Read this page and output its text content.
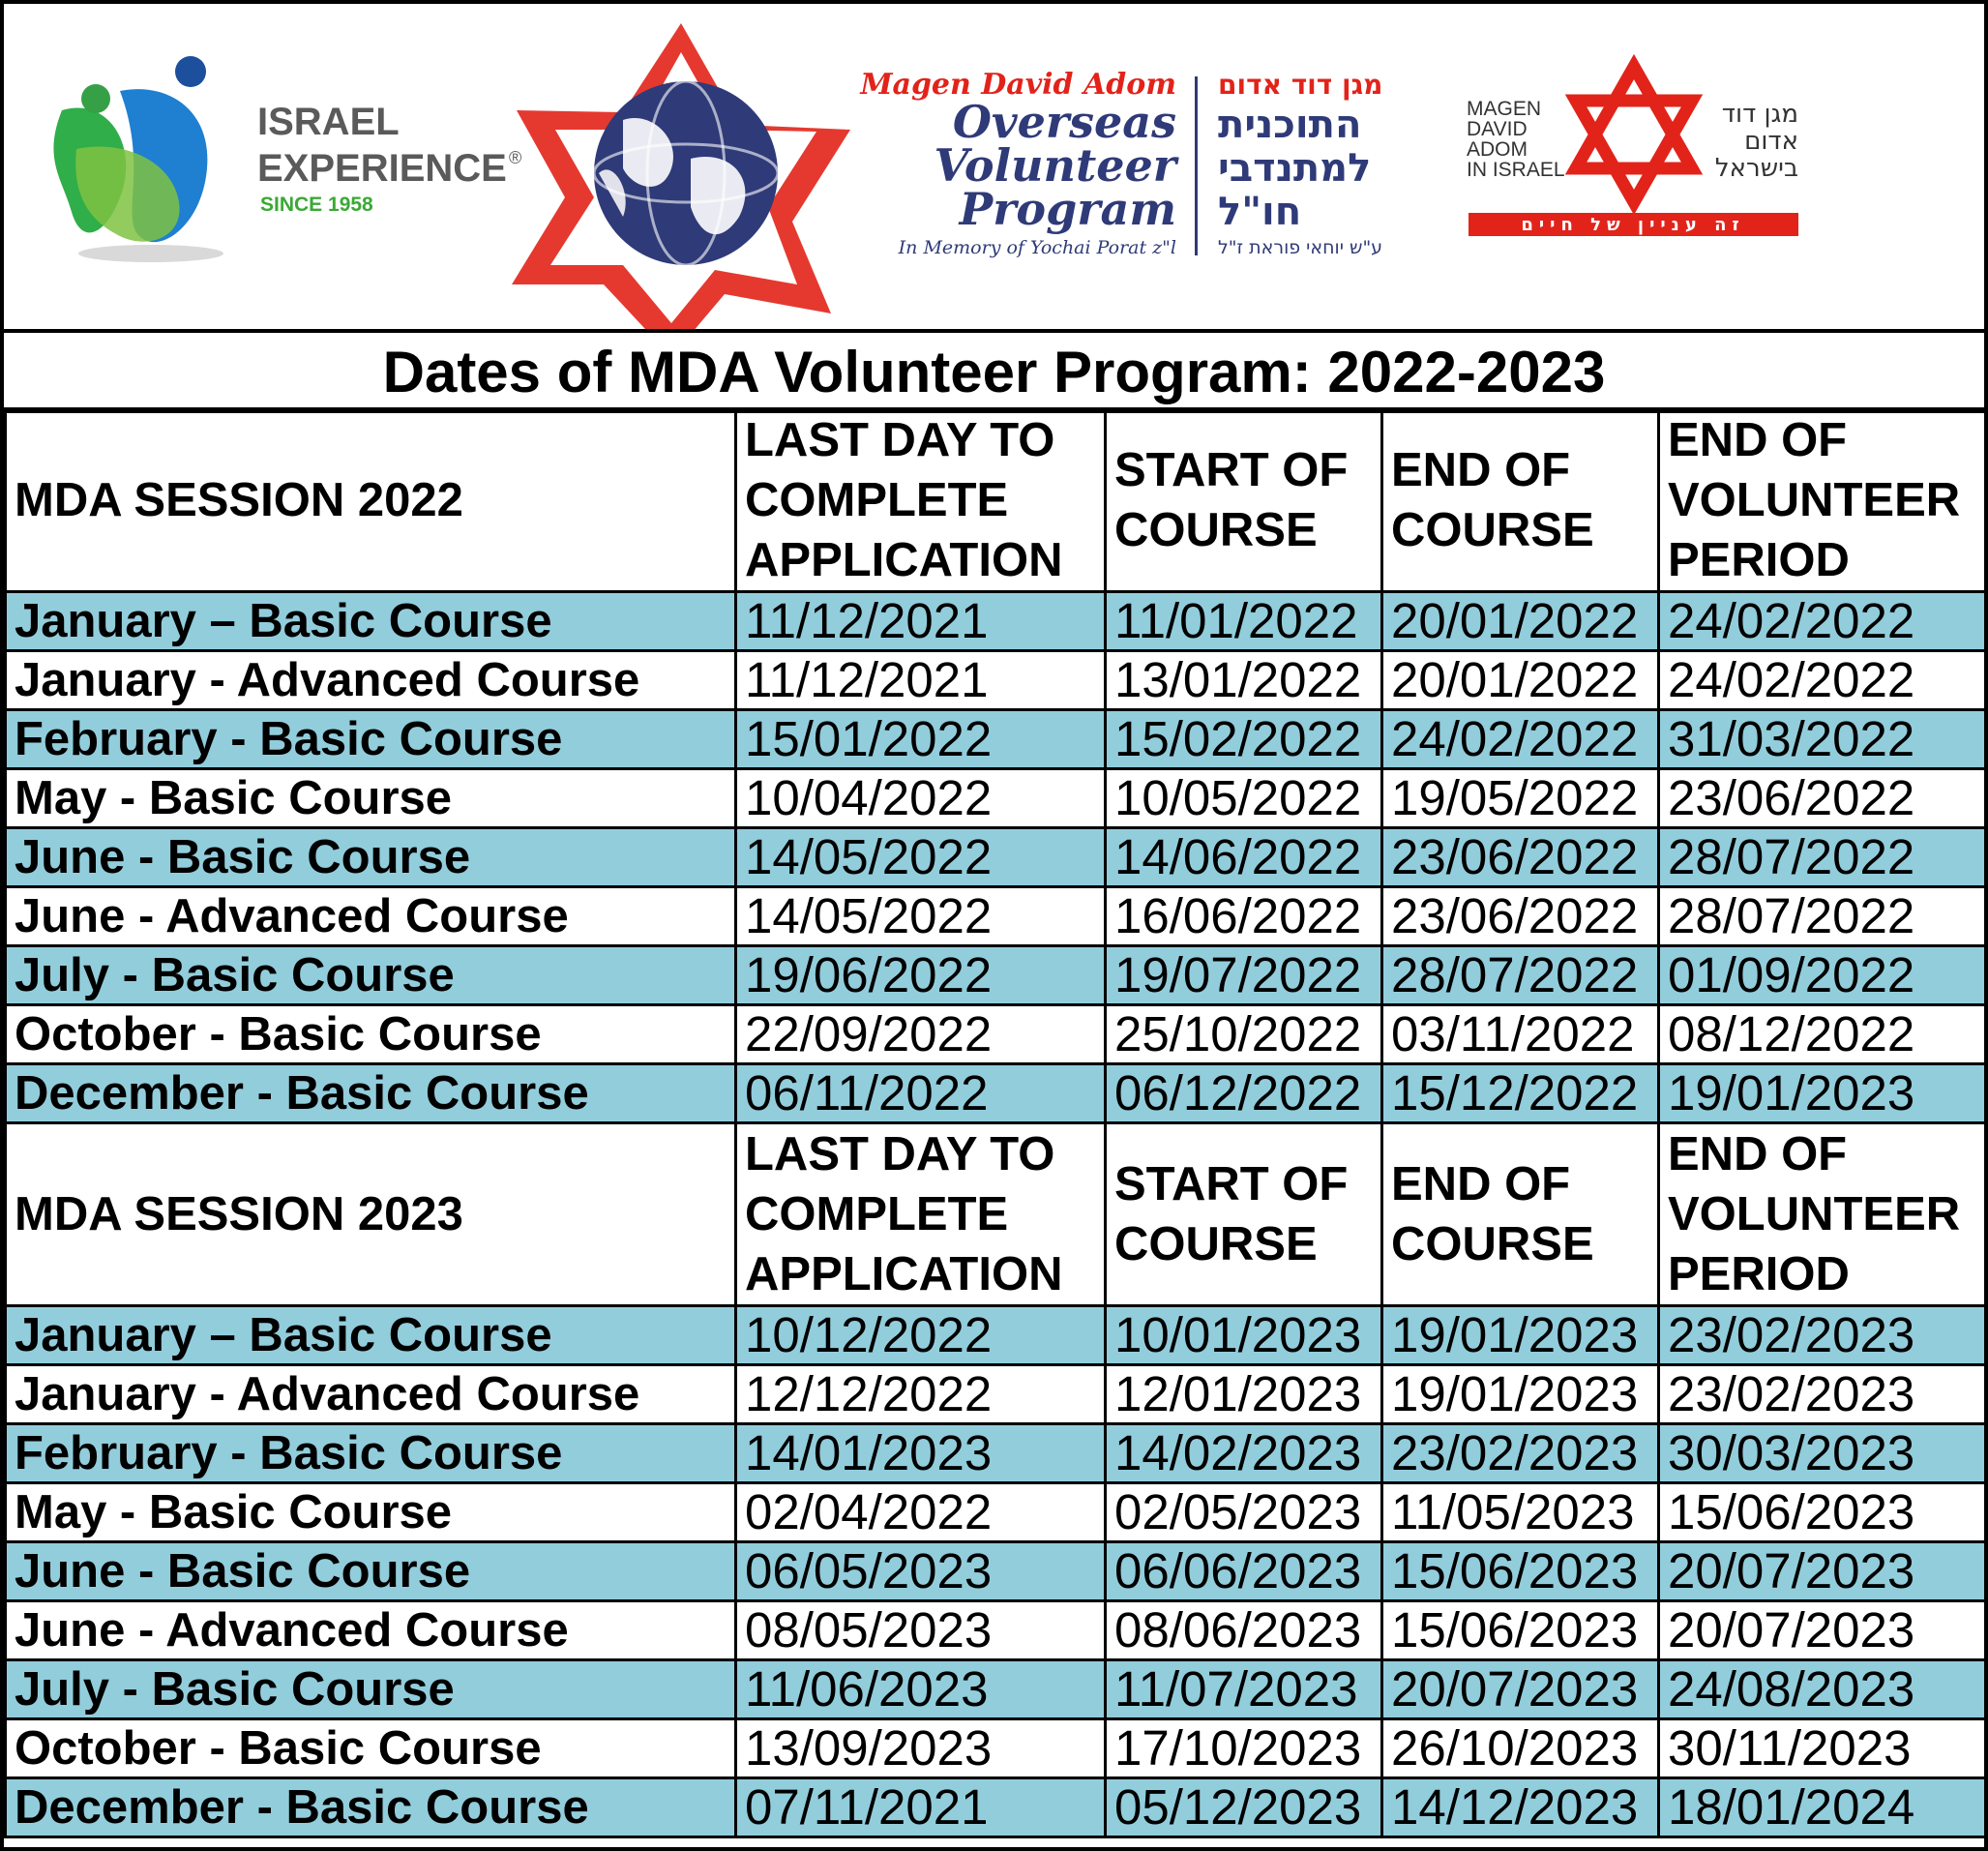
ISRAEL
EXPERIENCE ®
SINCE 1958
Magen David Adom
Overseas
Volunteer
Program
In Memory of Yochai Porat z"l
מגן דוד אדום
התוכנית
למתנדבי
חו"ל
ע"ש יוחאי פוראת ז"ל
MAGEN
DAVID
ADOM
IN ISRAEL
מגן דוד
אדום
בישראל
זה עניין של חיים
Dates of MDA Volunteer Program: 2022-2023
MDA SESSION 2022	LAST DAY TO COMPLETE APPLICATION	START OF COURSE	END OF COURSE	END OF VOLUNTEER PERIOD
January – Basic Course	11/12/2021	11/01/2022	20/01/2022	24/02/2022
January - Advanced Course	11/12/2021	13/01/2022	20/01/2022	24/02/2022
February - Basic Course	15/01/2022	15/02/2022	24/02/2022	31/03/2022
May - Basic Course	10/04/2022	10/05/2022	19/05/2022	23/06/2022
June - Basic Course	14/05/2022	14/06/2022	23/06/2022	28/07/2022
June - Advanced Course	14/05/2022	16/06/2022	23/06/2022	28/07/2022
July - Basic Course	19/06/2022	19/07/2022	28/07/2022	01/09/2022
October - Basic Course	22/09/2022	25/10/2022	03/11/2022	08/12/2022
December - Basic Course	06/11/2022	06/12/2022	15/12/2022	19/01/2023
MDA SESSION 2023	LAST DAY TO COMPLETE APPLICATION	START OF COURSE	END OF COURSE	END OF VOLUNTEER PERIOD
January – Basic Course	10/12/2022	10/01/2023	19/01/2023	23/02/2023
January - Advanced Course	12/12/2022	12/01/2023	19/01/2023	23/02/2023
February - Basic Course	14/01/2023	14/02/2023	23/02/2023	30/03/2023
May - Basic Course	02/04/2022	02/05/2023	11/05/2023	15/06/2023
June - Basic Course	06/05/2023	06/06/2023	15/06/2023	20/07/2023
June - Advanced Course	08/05/2023	08/06/2023	15/06/2023	20/07/2023
July - Basic Course	11/06/2023	11/07/2023	20/07/2023	24/08/2023
October - Basic Course	13/09/2023	17/10/2023	26/10/2023	30/11/2023
December - Basic Course	07/11/2021	05/12/2023	14/12/2023	18/01/2024
